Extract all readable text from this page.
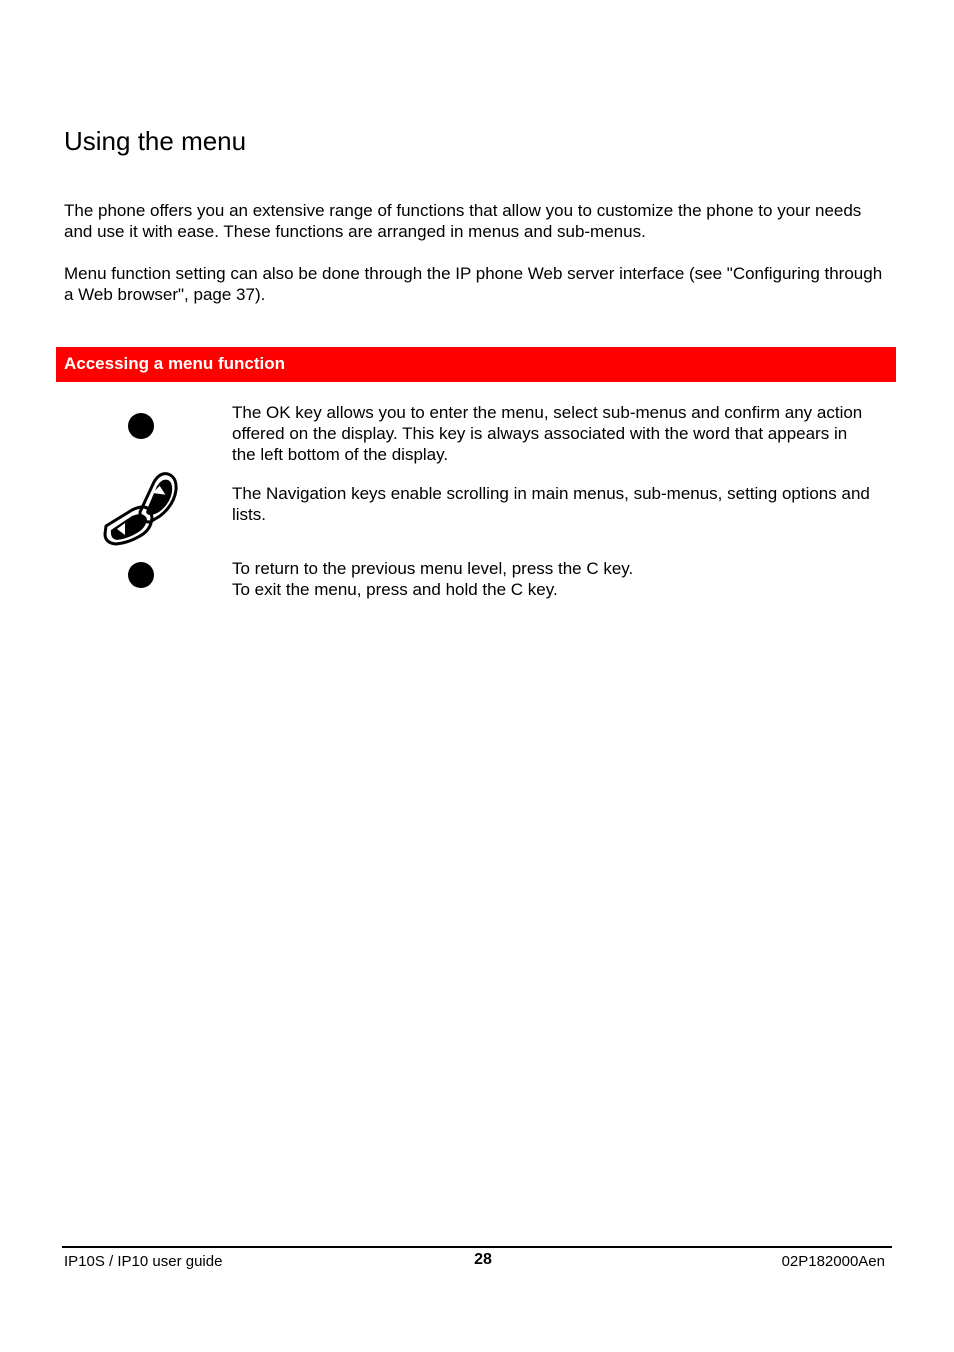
Using the menu

The phone offers you an extensive range of functions that allow you to customize the phone to your needs and use it with ease. These functions are arranged in menus and sub-menus.

Menu function setting can also be done through the IP phone Web server interface (see "Configuring through a Web browser", page 37).

Accessing a menu function

The OK key allows you to enter the menu, select sub-menus and confirm any action offered on the display. This key is always associated with the word that appears in the left bottom of the display.

The Navigation keys enable scrolling in main menus, sub-menus, setting options and lists.

To return to the previous menu level, press the C key.

To exit the menu, press and hold the C key.

IP10S / IP10 user guide	28	02P182000Aen
